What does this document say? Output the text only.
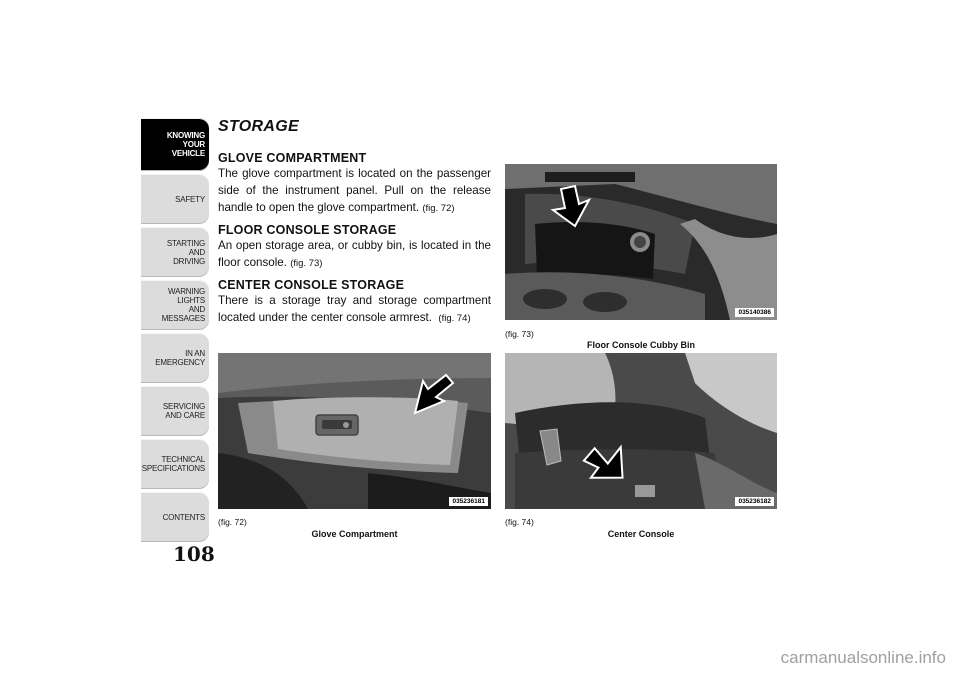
KNOWING
YOUR
VEHICLE
SAFETY
STARTING
AND
DRIVING
WARNING
LIGHTS
AND
MESSAGES
IN AN
EMERGENCY
SERVICING
AND CARE
TECHNICAL
SPECIFICATIONS
CONTENTS
108
STORAGE
GLOVE COMPARTMENT

The glove compartment is located on the passenger side of the instrument panel. Pull on the release handle to open the glove compartment. (fig. 72)

FLOOR CONSOLE STORAGE

An open storage area, or cubby bin, is located in the floor console. (fig. 73)

CENTER CONSOLE STORAGE

There is a storage tray and storage compartment located under the center console armrest. (fig. 74)

035140386
(fig. 73)
Floor Console Cubby Bin
035236181
(fig. 72)
Glove Compartment
035236182
(fig. 74)
Center Console
carmanualsonline.info
